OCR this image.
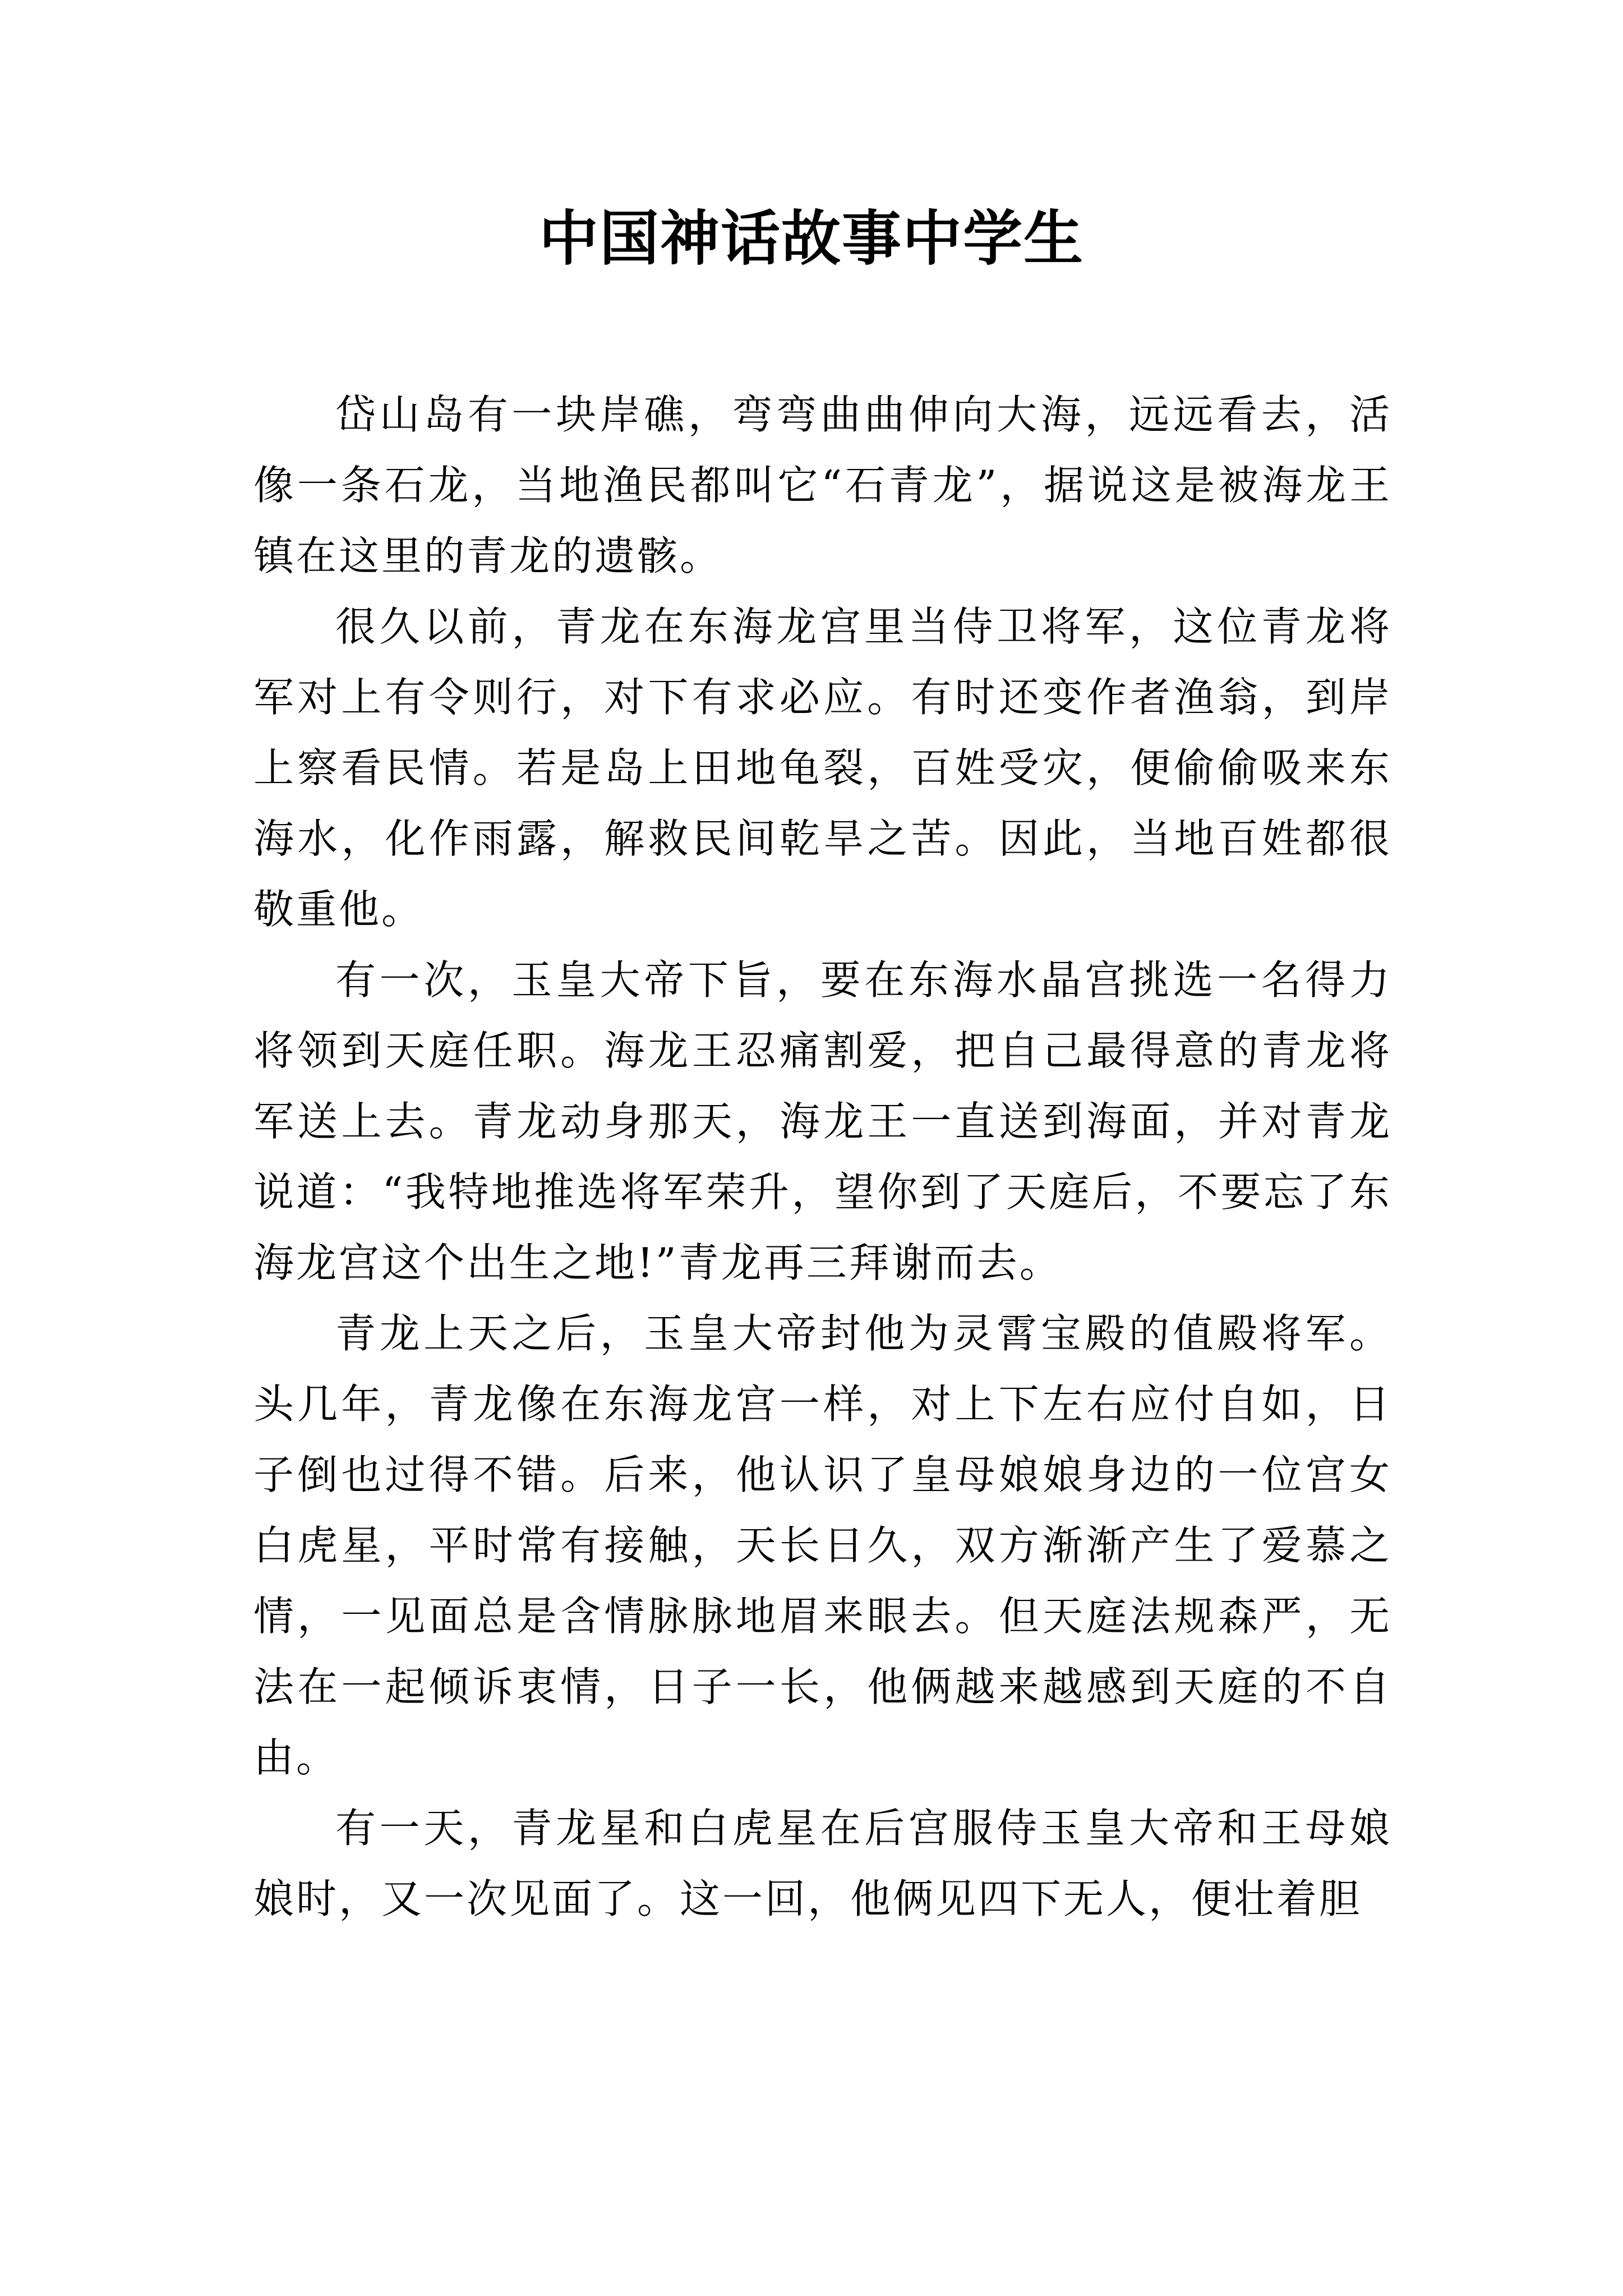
中国神话故事中学生

岱山岛有一块岸礁，弯弯曲曲伸向大海，远远看去，活像一条石龙，当地渔民都叫它“石青龙”，据说这是被海龙王镇在这里的青龙的遗骸。

很久以前，青龙在东海龙宫里当侍卫将军，这位青龙将军对上有令则行，对下有求必应。有时还变作者渔翁，到岸上察看民情。若是岛上田地龟裂，百姓受灾，便偷偷吸来东海水，化作雨露，解救民间乾旱之苦。因此，当地百姓都很敬重他。

有一次，玉皇大帝下旨，要在东海水晶宫挑选一名得力将领到天庭任职。海龙王忍痛割爱，把自己最得意的青龙将军送上去。青龙动身那天，海龙王一直送到海面，并对青龙说道：“我特地推选将军荣升，望你到了天庭后，不要忘了东海龙宫这个出生之地!”青龙再三拜谢而去。

青龙上天之后，玉皇大帝封他为灵霄宝殿的值殿将军。头几年，青龙像在东海龙宫一样，对上下左右应付自如，日子倒也过得不错。后来，他认识了皇母娘娘身边的一位宫女白虎星，平时常有接触，天长日久，双方渐渐产生了爱慕之情，一见面总是含情脉脉地眉来眼去。但天庭法规森严，无法在一起倾诉衷情，日子一长，他俩越来越感到天庭的不自由。

有一天，青龙星和白虎星在后宫服侍玉皇大帝和王母娘娘时，又一次见面了。这一回，他俩见四下无人，便壮着胆
